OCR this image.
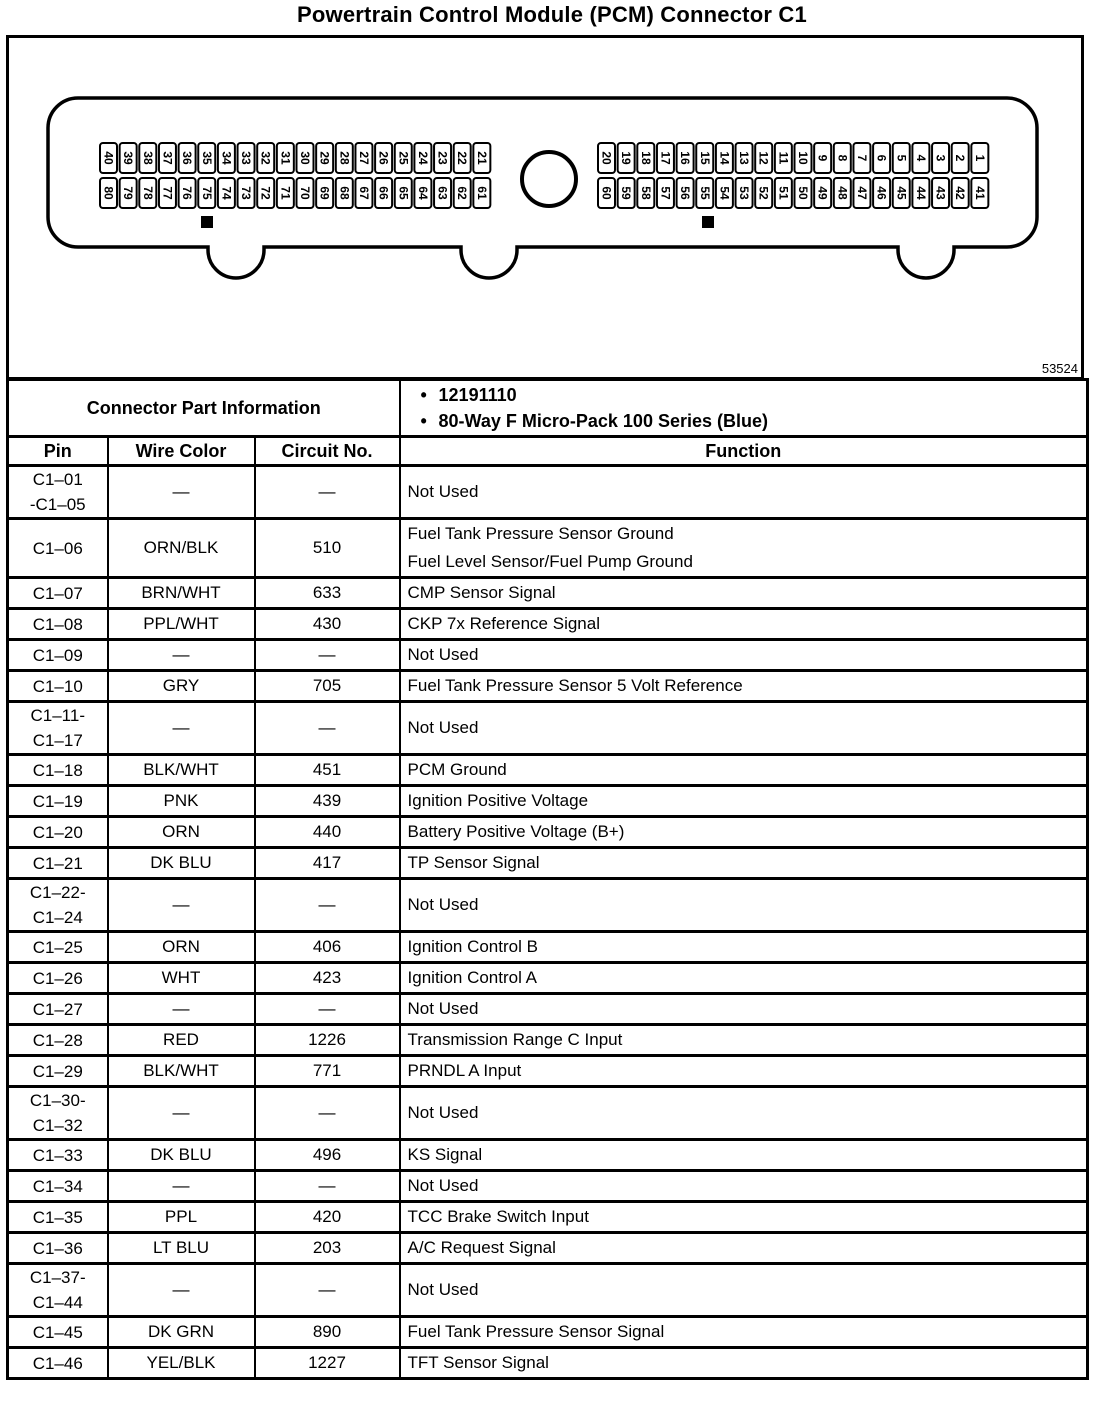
Powertrain Control Module (PCM) Connector C1
40 39 38 37 36 35 34 33 32 31 30 29 28 27 26 25 24 23 22 21
80 79 78 77 76 75 74 73 72 71 70 69 68 67 66 65 64 63 62 61
20 19 18 17 16 15 14 13 12 11 10 9 8 7 6 5 4 3 2 1
60 59 58 57 56 55 54 53 52 51 50 49 48 47 46 45 44 43 42 41
53524
Connector Part Information			• 12191110
• 80-Way F Micro-Pack 100 Series (Blue)

Pin	Wire Color	Circuit No.	Function

C1–01
-C1–05	—	—	Not Used

C1–06	ORN/BLK	510	Fuel Tank Pressure Sensor Ground
Fuel Level Sensor/Fuel Pump Ground

C1–07	BRN/WHT	633	CMP Sensor Signal

C1–08	PPL/WHT	430	CKP 7x Reference Signal

C1–09	—	—	Not Used

C1–10	GRY	705	Fuel Tank Pressure Sensor 5 Volt Reference

C1–11-
C1–17	—	—	Not Used

C1–18	BLK/WHT	451	PCM Ground

C1–19	PNK	439	Ignition Positive Voltage

C1–20	ORN	440	Battery Positive Voltage (B+)

C1–21	DK BLU	417	TP Sensor Signal

C1–22-
C1–24	—	—	Not Used

C1–25	ORN	406	Ignition Control B

C1–26	WHT	423	Ignition Control A

C1–27	—	—	Not Used

C1–28	RED	1226	Transmission Range C Input

C1–29	BLK/WHT	771	PRNDL A Input

C1–30-
C1–32	—	—	Not Used

C1–33	DK BLU	496	KS Signal

C1–34	—	—	Not Used

C1–35	PPL	420	TCC Brake Switch Input

C1–36	LT BLU	203	A/C Request Signal

C1–37-
C1–44	—	—	Not Used

C1–45	DK GRN	890	Fuel Tank Pressure Sensor Signal

C1–46	YEL/BLK	1227	TFT Sensor Signal
